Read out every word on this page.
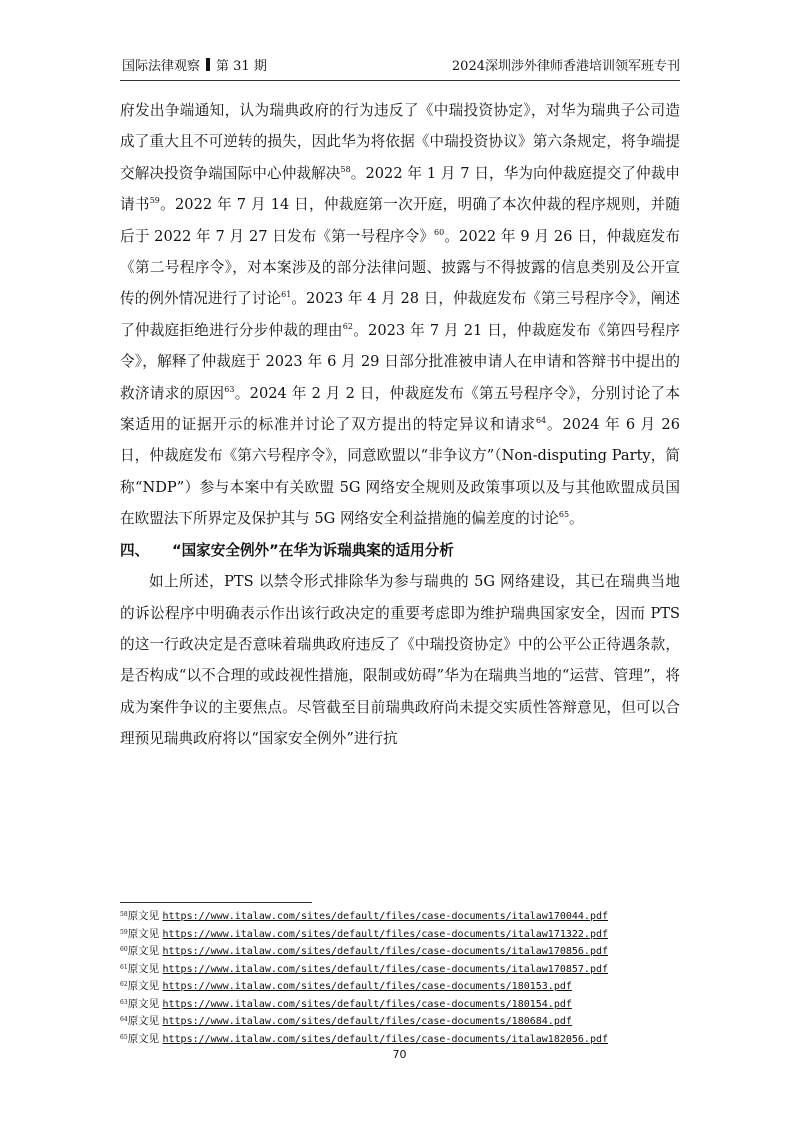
国际法律观察 第 31 期	2024深圳涉外律师香港培训领军班专刊

府发出争端通知，认为瑞典政府的行为违反了《中瑞投资协定》，对华为瑞典子公司造成了重大且不可逆转的损失，因此华为将依据《中瑞投资协议》第六条规定，将争端提交解决投资争端国际中心仲裁解决$^{58}$。2022 年 1 月 7 日，华为向仲裁庭提交了仲裁申请书$^{59}$。2022 年 7 月 14 日，仲裁庭第一次开庭，明确了本次仲裁的程序规则，并随后于 2022 年 7 月 27 日发布《第一号程序令》$^{60}$。2022 年 9 月 26 日，仲裁庭发布《第二号程序令》，对本案涉及的部分法律问题、披露与不得披露的信息类别及公开宣传的例外情况进行了讨论$^{61}$。2023 年 4 月 28 日，仲裁庭发布《第三号程序令》，阐述了仲裁庭拒绝进行分步仲裁的理由$^{62}$。2023 年 7 月 21 日，仲裁庭发布《第四号程序令》，解释了仲裁庭于 2023 年 6 月 29 日部分批准被申请人在申请和答辩书中提出的救济请求的原因$^{63}$。2024 年 2 月 2 日，仲裁庭发布《第五号程序令》，分别讨论了本案适用的证据开示的标准并讨论了双方提出的特定异议和请求$^{64}$。2024 年 6 月 26 日，仲裁庭发布《第六号程序令》，同意欧盟以“非争议方”（Non-disputing Party，简称“NDP”）参与本案中有关欧盟 5G 网络安全规则及政策事项以及与其他欧盟成员国在欧盟法下所界定及保护其与 5G 网络安全利益措施的偏差度的讨论$^{65}$。

四、 “国家安全例外”在华为诉瑞典案的适用分析

如上所述，PTS 以禁令形式排除华为参与瑞典的 5G 网络建设，其已在瑞典当地的诉讼程序中明确表示作出该行政决定的重要考虑即为维护瑞典国家安全，因而 PTS 的这一行政决定是否意味着瑞典政府违反了《中瑞投资协定》中的公平公正待遇条款，是否构成“以不合理的或歧视性措施，限制或妨碍”华为在瑞典当地的“运营、管理”，将成为案件争议的主要焦点。尽管截至目前瑞典政府尚未提交实质性答辩意见，但可以合理预见瑞典政府将以“国家安全例外”进行抗

$^{58}$原文见 https://www.italaw.com/sites/default/files/case-documents/italaw170044.pdf
$^{59}$原文见 https://www.italaw.com/sites/default/files/case-documents/italaw171322.pdf
$^{60}$原文见 https://www.italaw.com/sites/default/files/case-documents/italaw170856.pdf
$^{61}$原文见 https://www.italaw.com/sites/default/files/case-documents/italaw170857.pdf
$^{62}$原文见 https://www.italaw.com/sites/default/files/case-documents/180153.pdf
$^{63}$原文见 https://www.italaw.com/sites/default/files/case-documents/180154.pdf
$^{64}$原文见 https://www.italaw.com/sites/default/files/case-documents/180684.pdf
$^{65}$原文见 https://www.italaw.com/sites/default/files/case-documents/italaw182056.pdf
70
